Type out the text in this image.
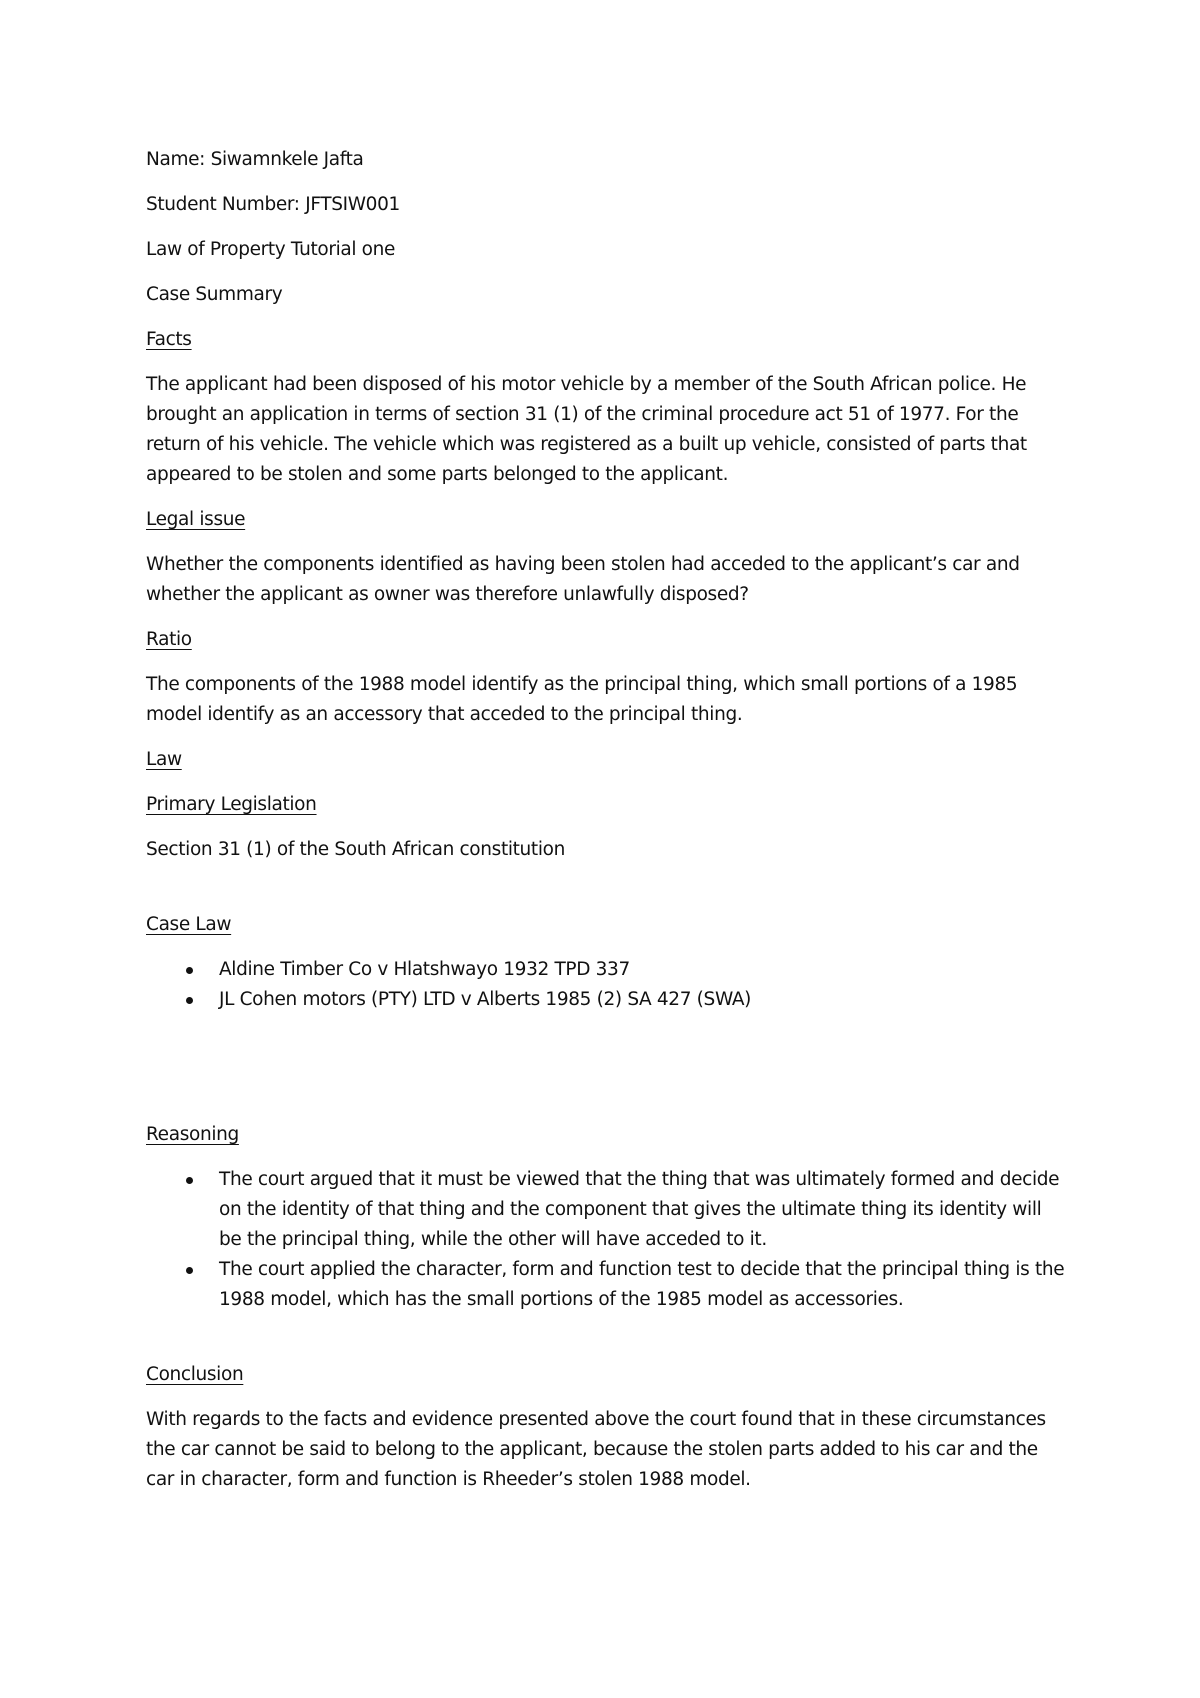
Name: Siwamnkele Jafta
Student Number: JFTSIW001
Law of Property Tutorial one
Case Summary
Facts

The applicant had been disposed of his motor vehicle by a member of the South African police. He brought an application in terms of section 31 (1) of the criminal procedure act 51 of 1977. For the return of his vehicle. The vehicle which was registered as a built up vehicle, consisted of parts that appeared to be stolen and some parts belonged to the applicant.

Legal issue

Whether the components identified as having been stolen had acceded to the applicant’s car and whether the applicant as owner was therefore unlawfully disposed?

Ratio

The components of the 1988 model identify as the principal thing, which small portions of a 1985 model identify as an accessory that acceded to the principal thing.

Law
Primary Legislation

Section 31 (1) of the South African constitution

Case Law
Aldine Timber Co v Hlatshwayo 1932 TPD 337
JL Cohen motors (PTY) LTD v Alberts 1985 (2) SA 427 (SWA)
Reasoning
The court argued that it must be viewed that the thing that was ultimately formed and decide on the identity of that thing and the component that gives the ultimate thing its identity will be the principal thing, while the other will have acceded to it.
The court applied the character, form and function test to decide that the principal thing is the 1988 model, which has the small portions of the 1985 model as accessories.
Conclusion

With regards to the facts and evidence presented above the court found that in these circumstances the car cannot be said to belong to the applicant, because the stolen parts added to his car and the car in character, form and function is Rheeder’s stolen 1988 model.
